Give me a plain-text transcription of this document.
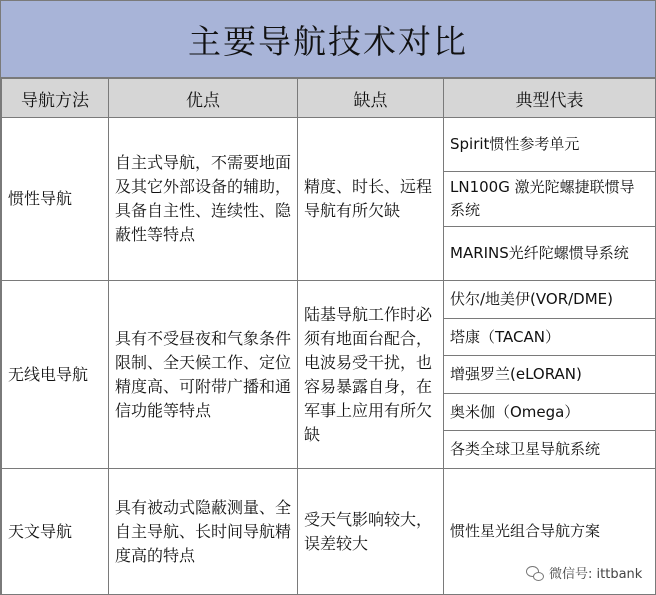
主要导航技术对比
导航方法	优点	缺点	典型代表
惯性导航	自主式导航，不需要地面及其它外部设备的辅助，具备自主性、连续性、隐蔽性等特点	精度、时长、远程导航有所欠缺	Spirit惯性参考单元
			LN100G 激光陀螺捷联惯导系统
			MARINS光纤陀螺惯导系统
无线电导航	具有不受昼夜和气象条件限制、全天候工作、定位精度高、可附带广播和通信功能等特点	陆基导航工作时必须有地面台配合，电波易受干扰，也容易暴露自身，在军事上应用有所欠缺	伏尔/地美伊(VOR/DME)
			塔康（TACAN）
			增强罗兰(eLORAN)
			奥米伽（Omega）
			各类全球卫星导航系统
天文导航	具有被动式隐蔽测量、全自主导航、长时间导航精度高的特点	受天气影响较大，误差较大	惯性星光组合导航方案
微信号: ittbank
